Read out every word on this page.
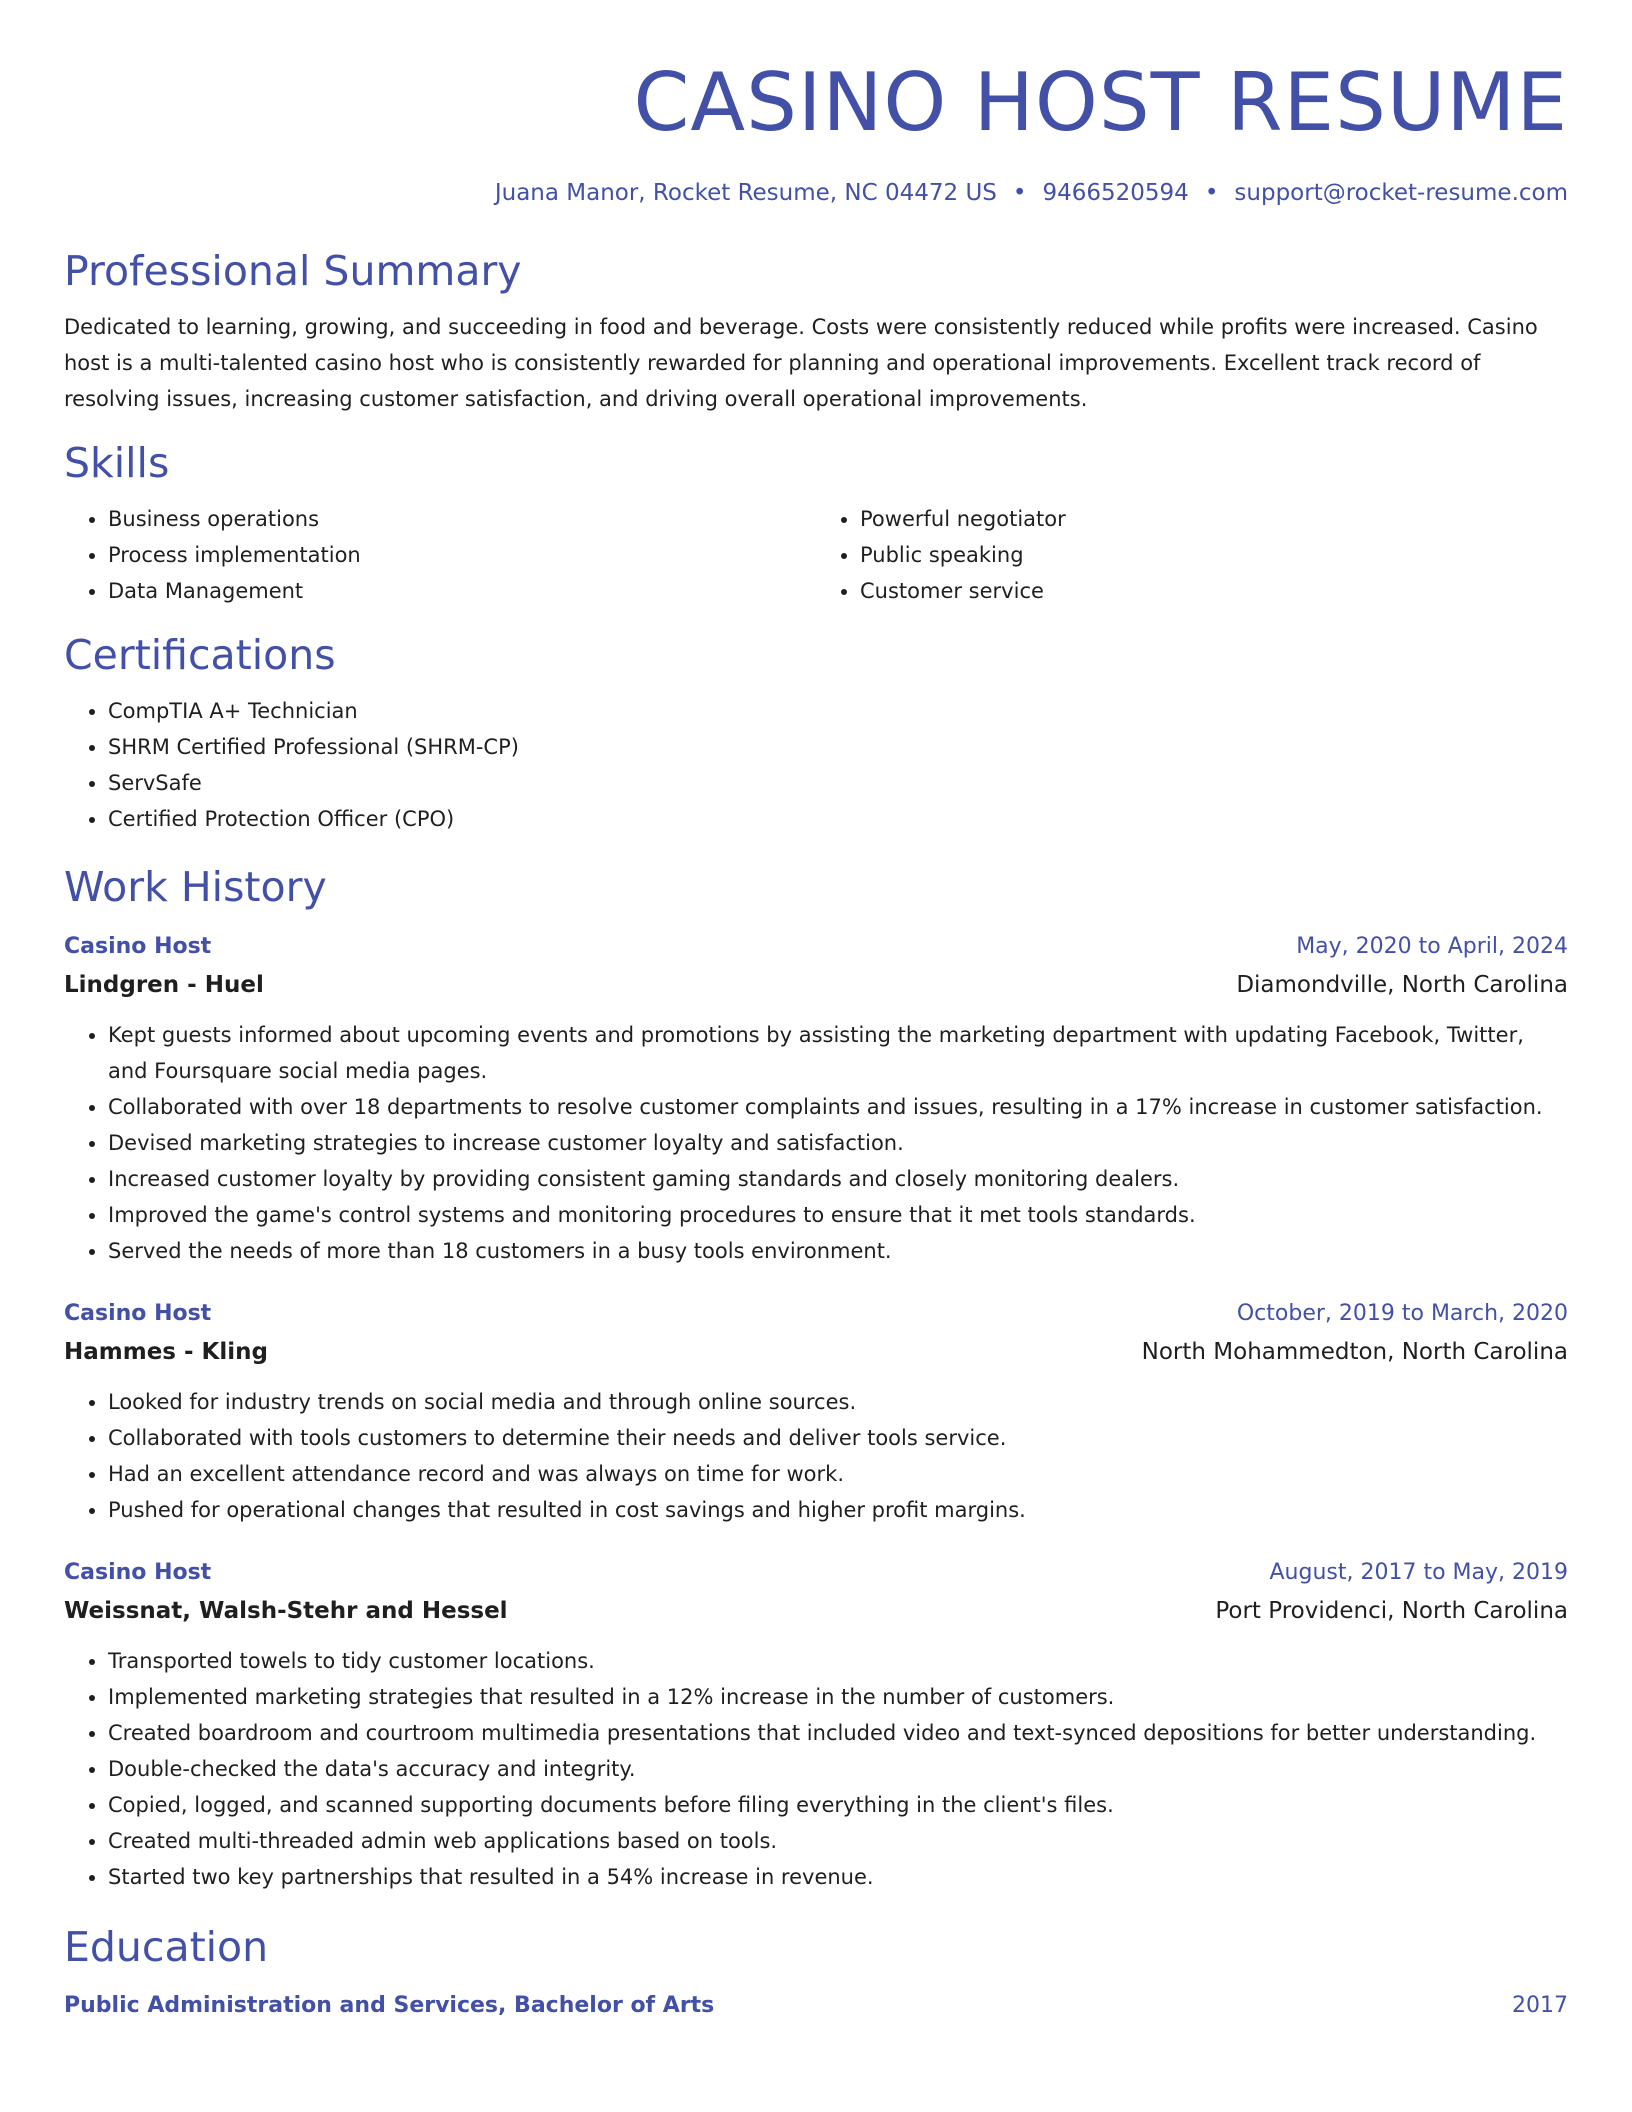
CASINO HOST RESUME
Juana Manor, Rocket Resume, NC 04472 US • 9466520594 • support@rocket-resume.com
Professional Summary

Dedicated to learning, growing, and succeeding in food and beverage. Costs were consistently reduced while profits were increased. Casino host is a multi-talented casino host who is consistently rewarded for planning and operational improvements. Excellent track record of resolving issues, increasing customer satisfaction, and driving overall operational improvements.

Skills
• Business operations
• Process implementation
• Data Management
• Powerful negotiator
• Public speaking
• Customer service
Certifications
• CompTIA A+ Technician
• SHRM Certified Professional (SHRM-CP)
• ServSafe
• Certified Protection Officer (CPO)
Work History
Casino Host	May, 2020 to April, 2024
Lindgren - Huel	Diamondville, North Carolina
• Kept guests informed about upcoming events and promotions by assisting the marketing department with updating Facebook, Twitter, and Foursquare social media pages.
• Collaborated with over 18 departments to resolve customer complaints and issues, resulting in a 17% increase in customer satisfaction.
• Devised marketing strategies to increase customer loyalty and satisfaction.
• Increased customer loyalty by providing consistent gaming standards and closely monitoring dealers.
• Improved the game's control systems and monitoring procedures to ensure that it met tools standards.
• Served the needs of more than 18 customers in a busy tools environment.
Casino Host	October, 2019 to March, 2020
Hammes - Kling	North Mohammedton, North Carolina
• Looked for industry trends on social media and through online sources.
• Collaborated with tools customers to determine their needs and deliver tools service.
• Had an excellent attendance record and was always on time for work.
• Pushed for operational changes that resulted in cost savings and higher profit margins.
Casino Host	August, 2017 to May, 2019
Weissnat, Walsh-Stehr and Hessel	Port Providenci, North Carolina
• Transported towels to tidy customer locations.
• Implemented marketing strategies that resulted in a 12% increase in the number of customers.
• Created boardroom and courtroom multimedia presentations that included video and text-synced depositions for better understanding.
• Double-checked the data's accuracy and integrity.
• Copied, logged, and scanned supporting documents before filing everything in the client's files.
• Created multi-threaded admin web applications based on tools.
• Started two key partnerships that resulted in a 54% increase in revenue.
Education
Public Administration and Services, Bachelor of Arts	2017
